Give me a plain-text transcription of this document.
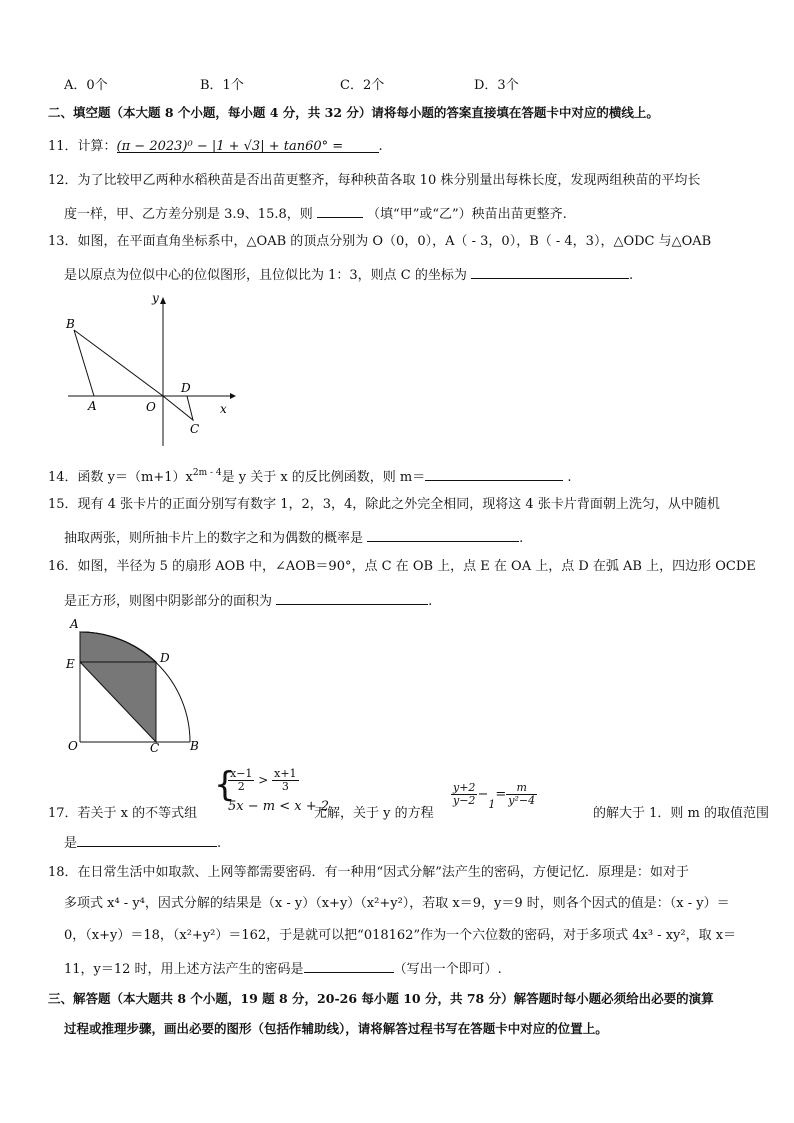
A．0个	B．1个	C．2个	D．3个
二、填空题（本大题 8 个小题，每小题 4 分，共 32 分）请将每小题的答案直接填在答题卡中对应的横线上。
11．计算：(π − 2023)⁰ − |1 + √3| + tan60° =	.
12．为了比较甲乙两种水稻秧苗是否出苗更整齐，每种秧苗各取 10 株分别量出每株长度，发现两组秧苗的平均长
度一样，甲、乙方差分别是 3.9、15.8，则	（填“甲”或“乙”）秧苗出苗更整齐.
13．如图，在平面直角坐标系中，△OAB 的顶点分别为 O（0，0），A（ - 3，0），B（ - 4，3），△ODC 与△OAB
是以原点为位似中心的位似图形，且位似比为 1：3，则点 C 的坐标为	.
y
x
B
A	O
D
C
14．函数 $y=(m+1)x^{2m - 4}$是 y 关于 x 的反比例函数，则 m＝	.
15．现有 4 张卡片的正面分别写有数字 1，2，3，4，除此之外完全相同，现将这 4 张卡片背面朝上洗匀，从中随机
抽取两张，则所抽卡片上的数字之和为偶数的概率是	.
16．如图，半径为 5 的扇形 AOB 中，∠AOB＝90°，点 C 在 OB 上，点 E 在 OA 上，点 D 在弧 AB 上，四边形 OCDE
是正方形，则图中阴影部分的面积为	.
A
E	D
O	C	B
17．若关于 x 的不等式组
{
$\frac{x-1}{2} > \frac{x+1}{3}$
5x − m < x + 2
无解，关于 y 的方程
$\frac{y+2}{y-2} -_1= \frac{m}{\text{y²−4}}$
的解大于 1．则 m 的取值范围
是	.
18．在日常生活中如取款、上网等都需要密码．有一种用“因式分解”法产生的密码，方便记忆．原理是：如对于
多项式 x⁴ - y⁴，因式分解的结果是（x - y）（x+y）（x²+y²），若取 x＝9，y＝9 时，则各个因式的值是：（x - y）＝
0，（x+y）＝18，（x²+y²）＝162，于是就可以把“018162”作为一个六位数的密码，对于多项式 4x³ - xy²，取 x＝
11，y＝12 时，用上述方法产生的密码是	（写出一个即可）.
三、解答题（本大题共 8 个小题，19 题 8 分，20-26 每小题 10 分，共 78 分）解答题时每小题必须给出必要的演算
过程或推理步骤，画出必要的图形（包括作辅助线），请将解答过程书写在答题卡中对应的位置上。
